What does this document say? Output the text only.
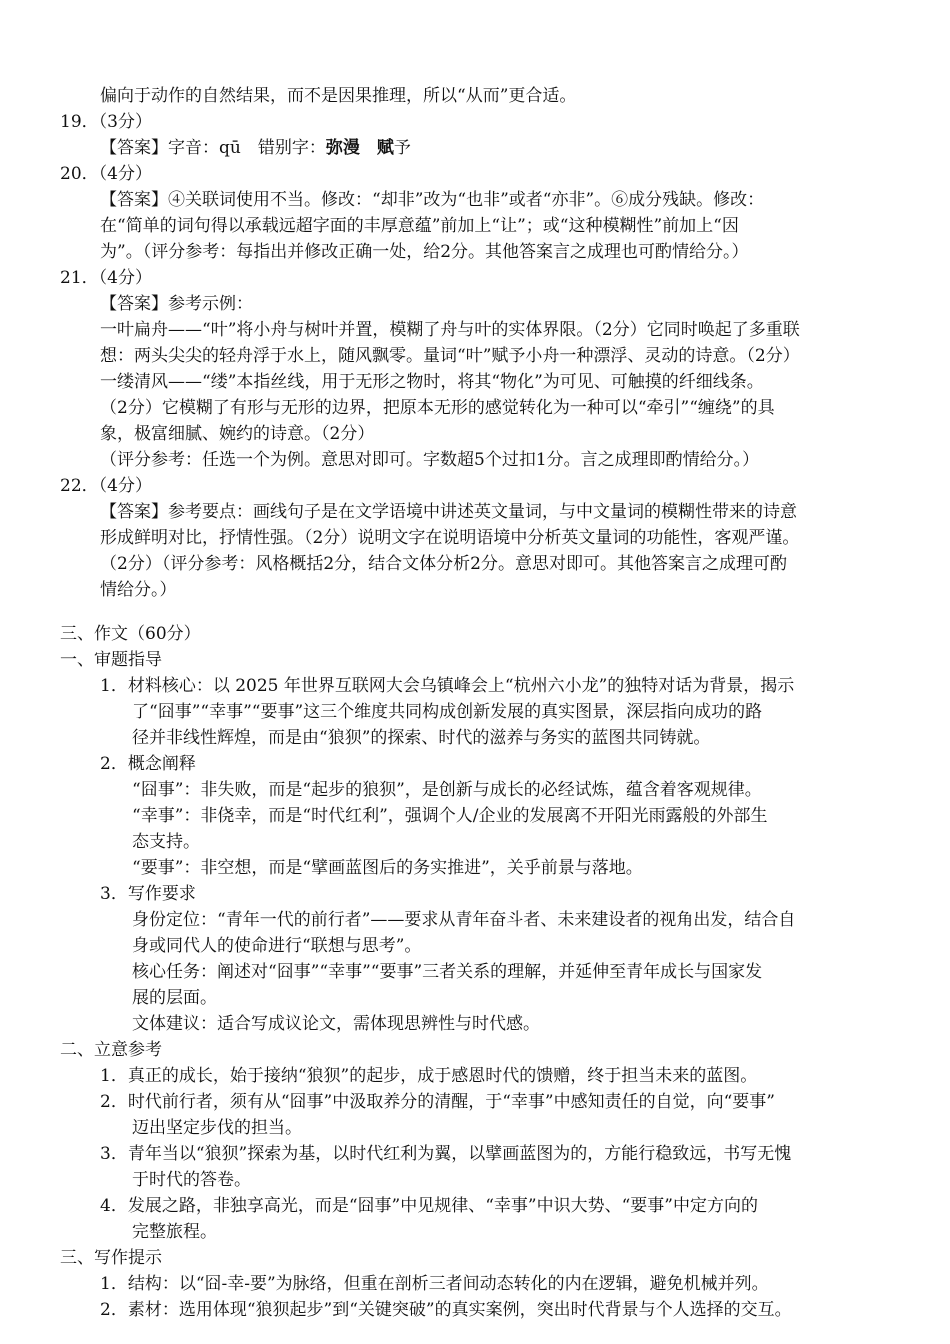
偏向于动作的自然结果，而不是因果推理，所以“从而”更合适。
19．（3分）
【答案】字音：qū　错别字：弥漫　 赋予
20．（4分）
【答案】④关联词使用不当。修改：“却非”改为“也非”或者“亦非”。⑥成分残缺。修改：
在“简单的词句得以承载远超字面的丰厚意蕴”前加上“让”；或“这种模糊性”前加上“因
为”。（评分参考：每指出并修改正确一处，给2分。其他答案言之成理也可酌情给分。）
21．（4分）
【答案】参考示例：
一叶扁舟——“叶”将小舟与树叶并置，模糊了舟与叶的实体界限。（2分）它同时唤起了多重联
想：两头尖尖的轻舟浮于水上，随风飘零。量词“叶”赋予小舟一种漂浮、灵动的诗意。（2分）
一缕清风——“缕”本指丝线，用于无形之物时，将其“物化”为可见、可触摸的纤细线条。
（2分）它模糊了有形与无形的边界，把原本无形的感觉转化为一种可以“牵引”“缠绕”的具
象，极富细腻、婉约的诗意。（2分）
（评分参考：任选一个为例。意思对即可。字数超5个过扣1分。言之成理即酌情给分。）
22．（4分）
【答案】参考要点：画线句子是在文学语境中讲述英文量词，与中文量词的模糊性带来的诗意
形成鲜明对比，抒情性强。（2分）说明文字在说明语境中分析英文量词的功能性，客观严谨。
（2分）（评分参考：风格概括2分，结合文体分析2分。意思对即可。其他答案言之成理可酌
情给分。）
三、作文（60分）
一、审题指导
1．材料核心：以 2025 年世界互联网大会乌镇峰会上“杭州六小龙”的独特对话为背景，揭示
了“囧事”“幸事”“要事”这三个维度共同构成创新发展的真实图景，深层指向成功的路
径并非线性辉煌，而是由“狼狈”的探索、时代的滋养与务实的蓝图共同铸就。
2．概念阐释
“囧事”：非失败，而是“起步的狼狈”，是创新与成长的必经试炼，蕴含着客观规律。
“幸事”：非侥幸，而是“时代红利”，强调个人/企业的发展离不开阳光雨露般的外部生
态支持。
“要事”：非空想，而是“擘画蓝图后的务实推进”，关乎前景与落地。
3．写作要求
身份定位：“青年一代的前行者”——要求从青年奋斗者、未来建设者的视角出发，结合自
身或同代人的使命进行“联想与思考”。
核心任务：阐述对“囧事”“幸事”“要事”三者关系的理解，并延伸至青年成长与国家发
展的层面。
文体建议：适合写成议论文，需体现思辨性与时代感。
二、立意参考
1．真正的成长，始于接纳“狼狈”的起步，成于感恩时代的馈赠，终于担当未来的蓝图。
2．时代前行者，须有从“囧事”中汲取养分的清醒，于“幸事”中感知责任的自觉，向“要事”
迈出坚定步伐的担当。
3．青年当以“狼狈”探索为基，以时代红利为翼，以擘画蓝图为的，方能行稳致远，书写无愧
于时代的答卷。
4．发展之路，非独享高光，而是“囧事”中见规律、“幸事”中识大势、“要事”中定方向的
完整旅程。
三、写作提示
1．结构：以“囧-幸-要”为脉络，但重在剖析三者间动态转化的内在逻辑，避免机械并列。
2．素材：选用体现“狼狈起步”到“关键突破”的真实案例，突出时代背景与个人选择的交互。
